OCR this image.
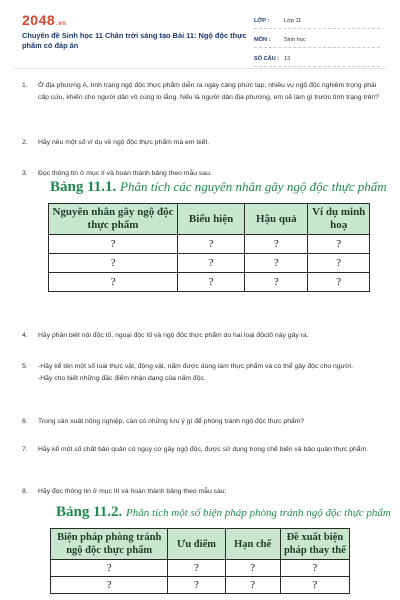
2048.vn
Chuyên đề Sinh học 11 Chân trời sáng tạo Bài 11: Ngộ độc thực phẩm có đáp án
LỚP :	Lớp 11
MÔN :	Sinh học
SỐ CÂU : 13
1. Ở địa phương A, tình trạng ngộ độc thực phẩm diễn ra ngày càng phức tạp, nhiều vụ ngộ độc nghiêm trọng phải cấp cứu, khiến cho người dân vô cùng lo lắng. Nếu là người dân địa phương, em sẽ làm gì trước tình trạng trên?
2. Hãy nêu một số ví dụ về ngộ độc thực phẩm mà em biết.
3. Đọc thông tin ở mục II và hoàn thành bảng theo mẫu sau:
Bảng 11.1. Phân tích các nguyên nhân gây ngộ độc thực phẩm
Nguyên nhân gây ngộ độc thực phẩm	Biểu hiện	Hậu quả	Ví dụ minh hoạ
?	?	?	?
?	?	?	?
?	?	?	?
4. Hãy phân biệt nội độc tố, ngoại độc tố và ngộ độc thực phẩm do hai loại độctố này gây ra.
5. -Hãy kể tên một số loài thực vật, động vật, nấm được dùng làm thực phẩm và có thể gây độc cho người.
-Hãy cho biết những đặc điểm nhận dạng của nấm độc.
6. Trong sản xuất nông nghiệp, cần có những lưu ý gì để phòng tránh ngộ độc thực phẩm?
7. Hãy kể một số chất bảo quản có nguy cơ gây ngộ độc, được sử dụng trong chế biến và bảo quản thực phẩm.
8. Hãy đọc thông tin ở mục III và hoàn thành bảng theo mẫu sau:
Bảng 11.2. Phân tích một số biện pháp phòng tránh ngộ độc thực phẩm
Biện pháp phòng tránh ngộ độc thực phẩm	Ưu điểm	Hạn chế	Đề xuất biện pháp thay thế
?	?	?	?
?	?	?	?
